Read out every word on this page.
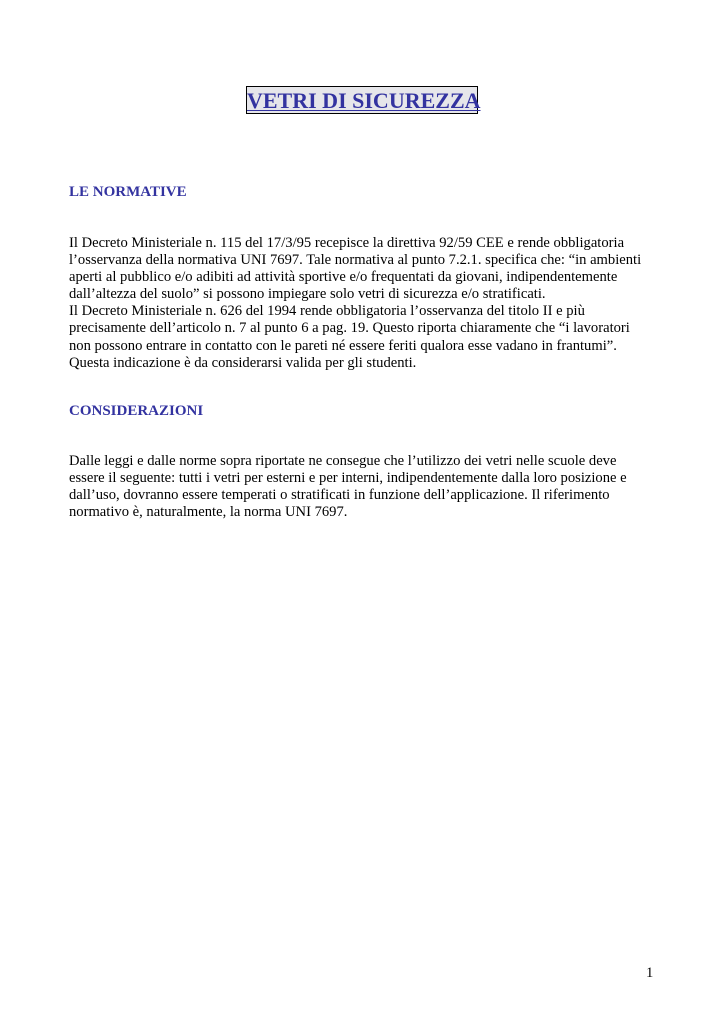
VETRI DI SICUREZZA
LE NORMATIVE
Il Decreto Ministeriale n. 115 del 17/3/95 recepisce la direttiva 92/59 CEE e rende obbligatoria
l’osservanza della normativa UNI 7697. Tale normativa al punto 7.2.1. specifica che: “in ambienti
aperti al pubblico e/o adibiti ad attività sportive e/o frequentati da giovani, indipendentemente
dall’altezza del suolo” si possono impiegare solo vetri di sicurezza e/o stratificati.
Il Decreto Ministeriale n. 626 del 1994 rende obbligatoria l’osservanza del titolo II e più
precisamente dell’articolo n. 7 al punto 6 a pag. 19. Questo riporta chiaramente che “i lavoratori
non possono entrare in contatto con le pareti né essere feriti qualora esse vadano in frantumi”.
Questa indicazione è da considerarsi valida per gli studenti.
CONSIDERAZIONI
Dalle leggi e dalle norme sopra riportate ne consegue che l’utilizzo dei vetri nelle scuole deve
essere il seguente: tutti i vetri per esterni e per interni, indipendentemente dalla loro posizione e
dall’uso, dovranno essere temperati o stratificati in funzione dell’applicazione. Il riferimento
normativo è, naturalmente, la norma UNI 7697.
1
